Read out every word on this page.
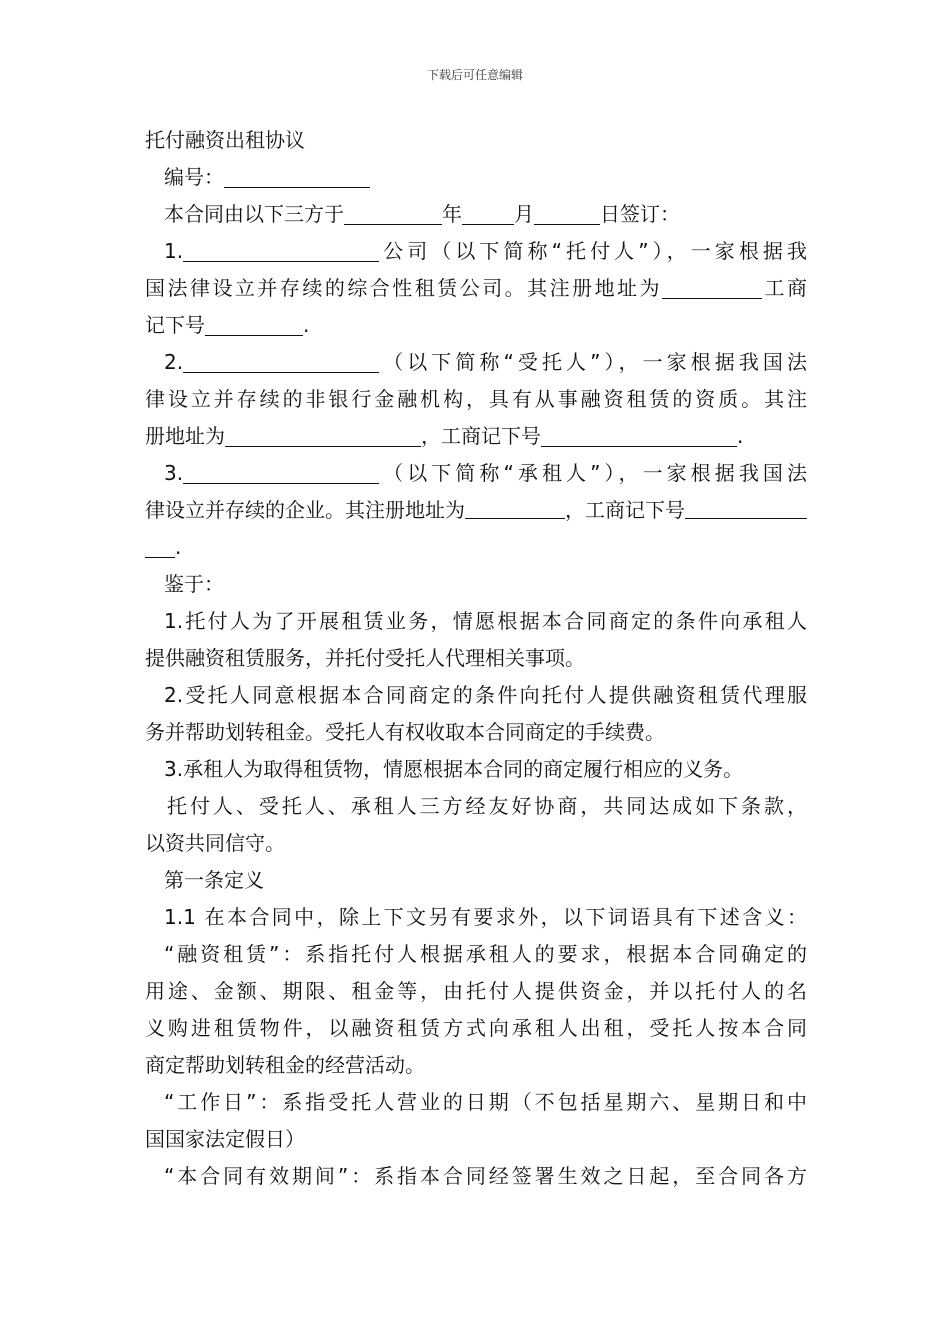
下载后可任意编辑
托付融资出租协议
编号：
本合同由以下三方于	年	月	日签订：
1.	公司（以下简称“托付人”），一家根据我
国法律设立并存续的综合性租赁公司。其注册地址为	工商
记下号	.
2.	（以下简称“受托人”），一家根据我国法
律设立并存续的非银行金融机构，具有从事融资租赁的资质。其注
册地址为	，工商记下号	.
3.	（以下简称“承租人”），一家根据我国法
律设立并存续的企业。其注册地址为	，工商记下号
.
鉴于：
1.托付人为了开展租赁业务，情愿根据本合同商定的条件向承租人
提供融资租赁服务，并托付受托人代理相关事项。
2.受托人同意根据本合同商定的条件向托付人提供融资租赁代理服
务并帮助划转租金。受托人有权收取本合同商定的手续费。
3.承租人为取得租赁物，情愿根据本合同的商定履行相应的义务。
托付人、受托人、承租人三方经友好协商，共同达成如下条款，
以资共同信守。
第一条定义
1.1 在本合同中，除上下文另有要求外，以下词语具有下述含义：
“融资租赁”：系指托付人根据承租人的要求，根据本合同确定的
用途、金额、期限、租金等，由托付人提供资金，并以托付人的名
义购进租赁物件，以融资租赁方式向承租人出租，受托人按本合同
商定帮助划转租金的经营活动。
“工作日”：系指受托人营业的日期（不包括星期六、星期日和中
国国家法定假日）
“本合同有效期间”：系指本合同经签署生效之日起，至合同各方
